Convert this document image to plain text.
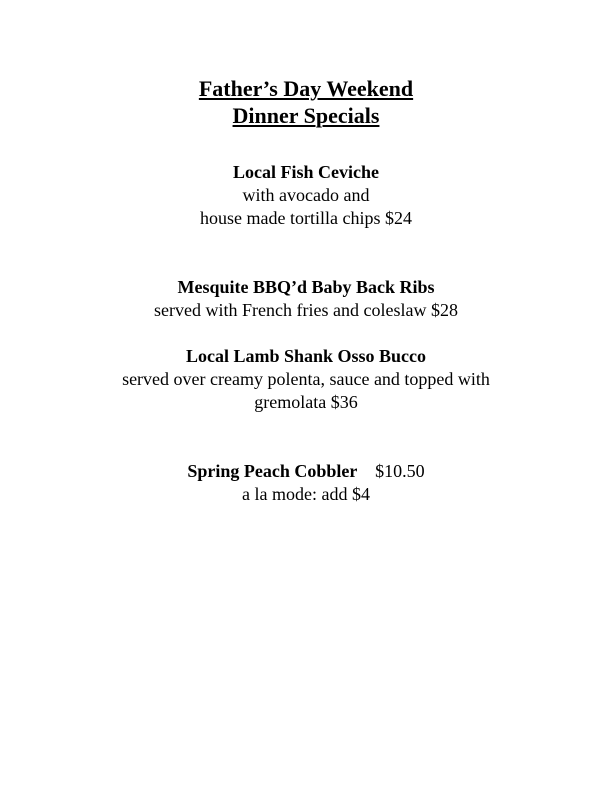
Father’s Day Weekend
Dinner Specials
Local Fish Ceviche
with avocado and
house made tortilla chips $24
Mesquite BBQ’d Baby Back Ribs
served with French fries and coleslaw $28
Local Lamb Shank Osso Bucco
served over creamy polenta, sauce and topped with
gremolata $36
Spring Peach Cobbler $10.50
a la mode: add $4
